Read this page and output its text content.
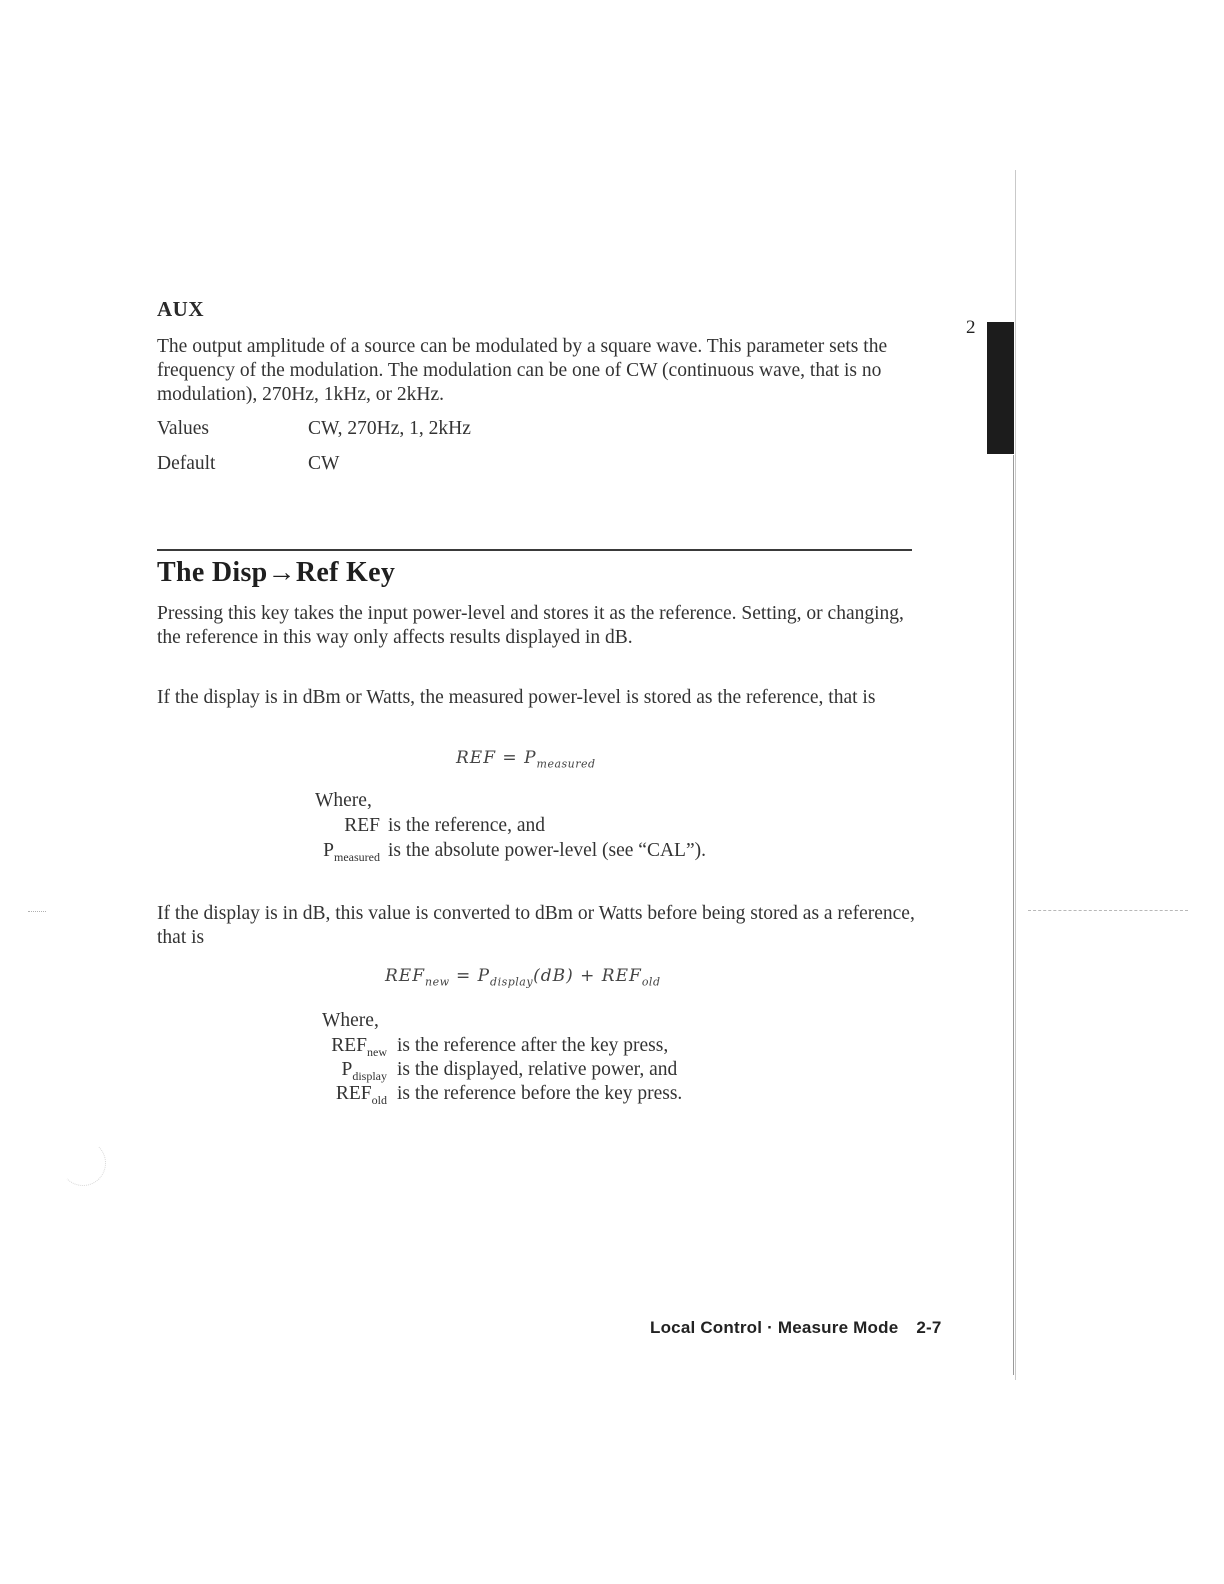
2
AUX

The output amplitude of a source can be modulated by a square wave. This parameter sets the frequency of the modulation. The modulation can be one of CW (continuous wave, that is no modulation), 270Hz, 1kHz, or 2kHz.

Values	CW, 270Hz, 1, 2kHz
Default	CW
The Disp→Ref Key

Pressing this key takes the input power-level and stores it as the reference. Setting, or changing, the reference in this way only affects results displayed in dB.

If the display is in dBm or Watts, the measured power-level is stored as the reference, that is

REF = $P_{measured}$
Where,
REF is the reference, and
$P_{measured}$ is the absolute power-level (see “CAL”).

If the display is in dB, this value is converted to dBm or Watts before being stored as a reference, that is

$REF_{new} = P_{display}(dB) + REF_{old}$
Where,
$REF_{new}$ is the reference after the key press,
$P_{display}$ is the displayed, relative power, and
$REF_{old}$ is the reference before the key press.
Local Control · Measure Mode 2-7
